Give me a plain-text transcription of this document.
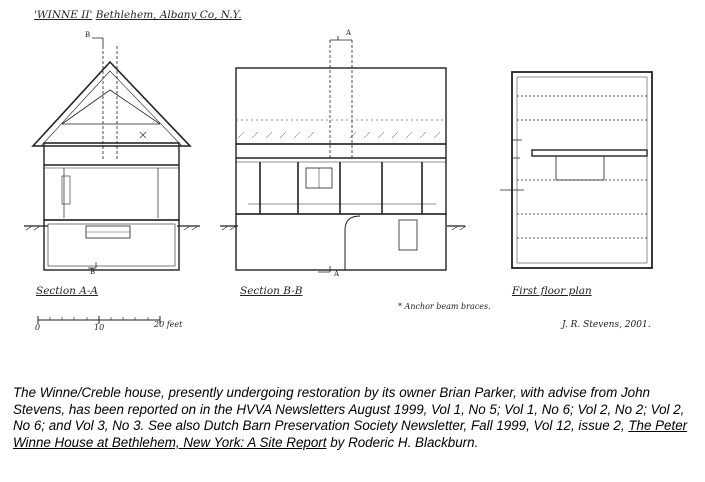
'WINNE II' Bethlehem, Albany Co, N.Y.
B
B
A
A
Section A-A	Section B-B	First floor plan
* Anchor beam braces.
0	10	20 feet	J. R. Stevens, 2001.
The Winne/Creble house, presently undergoing restoration by its owner Brian Parker, with advise from John Stevens, has been reported on in the HVVA Newsletters August 1999, Vol 1, No 5; Vol 1, No 6; Vol 2, No 2; Vol 2, No 6; and Vol 3, No 3. See also Dutch Barn Preservation Society Newsletter, Fall 1999, Vol 12, issue 2, The Peter Winne House at Bethlehem, New York: A Site Report by Roderic H. Blackburn.
